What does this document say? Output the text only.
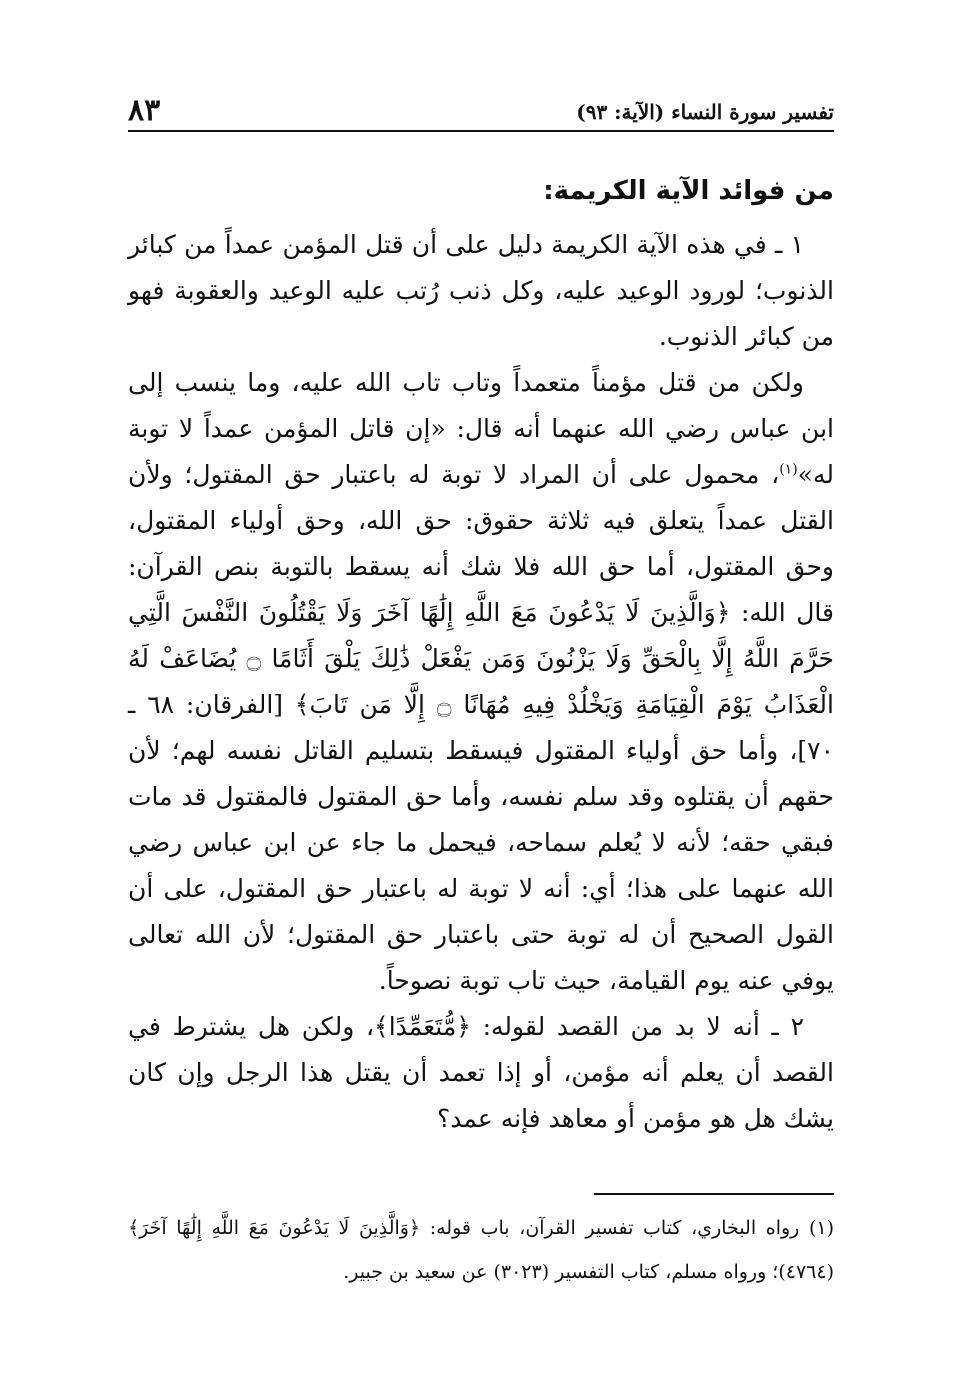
تفسير سورة النساء (الآية: ٩٣)
٨٣
من فوائد الآية الكريمة:

١ ـ في هذه الآية الكريمة دليل على أن قتل المؤمن عمداً من كبائر الذنوب؛ لورود الوعيد عليه، وكل ذنب رُتب عليه الوعيد والعقوبة فهو من كبائر الذنوب.

ولكن من قتل مؤمناً متعمداً وتاب تاب الله عليه، وما ينسب إلى ابن عباس رضي الله عنهما أنه قال: «إن قاتل المؤمن عمداً لا توبة له»$^{(١)}$، محمول على أن المراد لا توبة له باعتبار حق المقتول؛ ولأن القتل عمداً يتعلق فيه ثلاثة حقوق: حق الله، وحق أولياء المقتول، وحق المقتول، أما حق الله فلا شك أنه يسقط بالتوبة بنص القرآن: قال الله: ﴿وَالَّذِينَ لَا يَدْعُونَ مَعَ اللَّهِ إِلَٰهًا آخَرَ وَلَا يَقْتُلُونَ النَّفْسَ الَّتِي حَرَّمَ اللَّهُ إِلَّا بِالْحَقِّ وَلَا يَزْنُونَ وَمَن يَفْعَلْ ذَٰلِكَ يَلْقَ أَثَامًا ۝ يُضَاعَفْ لَهُ الْعَذَابُ يَوْمَ الْقِيَامَةِ وَيَخْلُدْ فِيهِ مُهَانًا ۝ إِلَّا مَن تَابَ﴾ [الفرقان: ٦٨ ـ ٧٠]، وأما حق أولياء المقتول فيسقط بتسليم القاتل نفسه لهم؛ لأن حقهم أن يقتلوه وقد سلم نفسه، وأما حق المقتول فالمقتول قد مات فبقي حقه؛ لأنه لا يُعلم سماحه، فيحمل ما جاء عن ابن عباس رضي الله عنهما على هذا؛ أي: أنه لا توبة له باعتبار حق المقتول، على أن القول الصحيح أن له توبة حتى باعتبار حق المقتول؛ لأن الله تعالى يوفي عنه يوم القيامة، حيث تاب توبة نصوحاً.

٢ ـ أنه لا بد من القصد لقوله: ﴿مُّتَعَمِّدًا﴾، ولكن هل يشترط في القصد أن يعلم أنه مؤمن، أو إذا تعمد أن يقتل هذا الرجل وإن كان يشك هل هو مؤمن أو معاهد فإنه عمد؟

(١) رواه البخاري، كتاب تفسير القرآن، باب قوله: ﴿وَالَّذِينَ لَا يَدْعُونَ مَعَ اللَّهِ إِلَٰهًا آخَرَ﴾ (٤٧٦٤)؛ ورواه مسلم، كتاب التفسير (٣٠٢٣) عن سعيد بن جبير.
